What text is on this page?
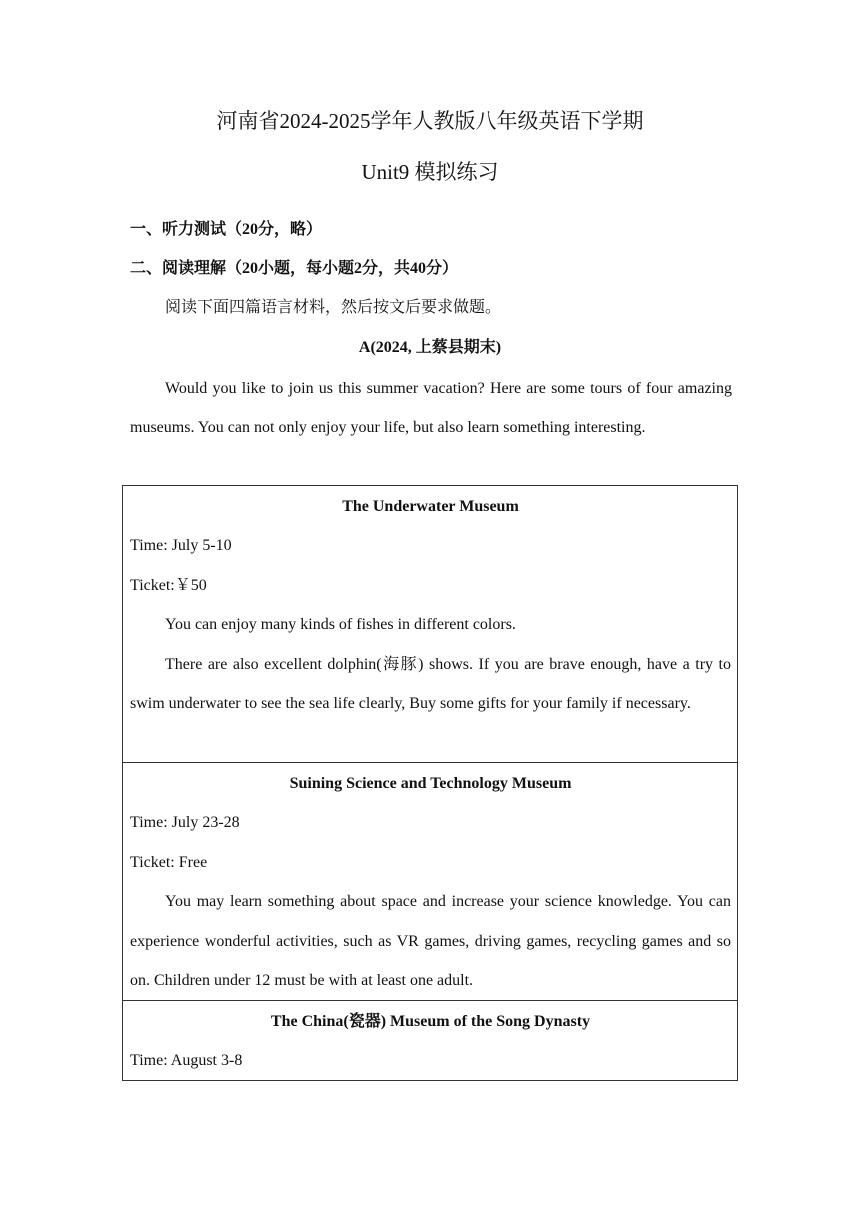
河南省2024-2025学年人教版八年级英语下学期
Unit9 模拟练习
一、听力测试（20分，略）
二、阅读理解（20小题，每小题2分，共40分）
阅读下面四篇语言材料，然后按文后要求做题。
A(2024, 上蔡县期末)

Would you like to join us this summer vacation? Here are some tours of four amazing museums. You can not only enjoy your life, but also learn something interesting.

The Underwater Museum
Time: July 5-10
Ticket:￥50

You can enjoy many kinds of fishes in different colors.

There are also excellent dolphin(海豚) shows. If you are brave enough, have a try to swim underwater to see the sea life clearly, Buy some gifts for your family if necessary.

Suining Science and Technology Museum
Time: July 23-28
Ticket: Free

You may learn something about space and increase your science knowledge. You can experience wonderful activities, such as VR games, driving games, recycling games and so on. Children under 12 must be with at least one adult.

The China(瓷器) Museum of the Song Dynasty
Time: August 3-8
